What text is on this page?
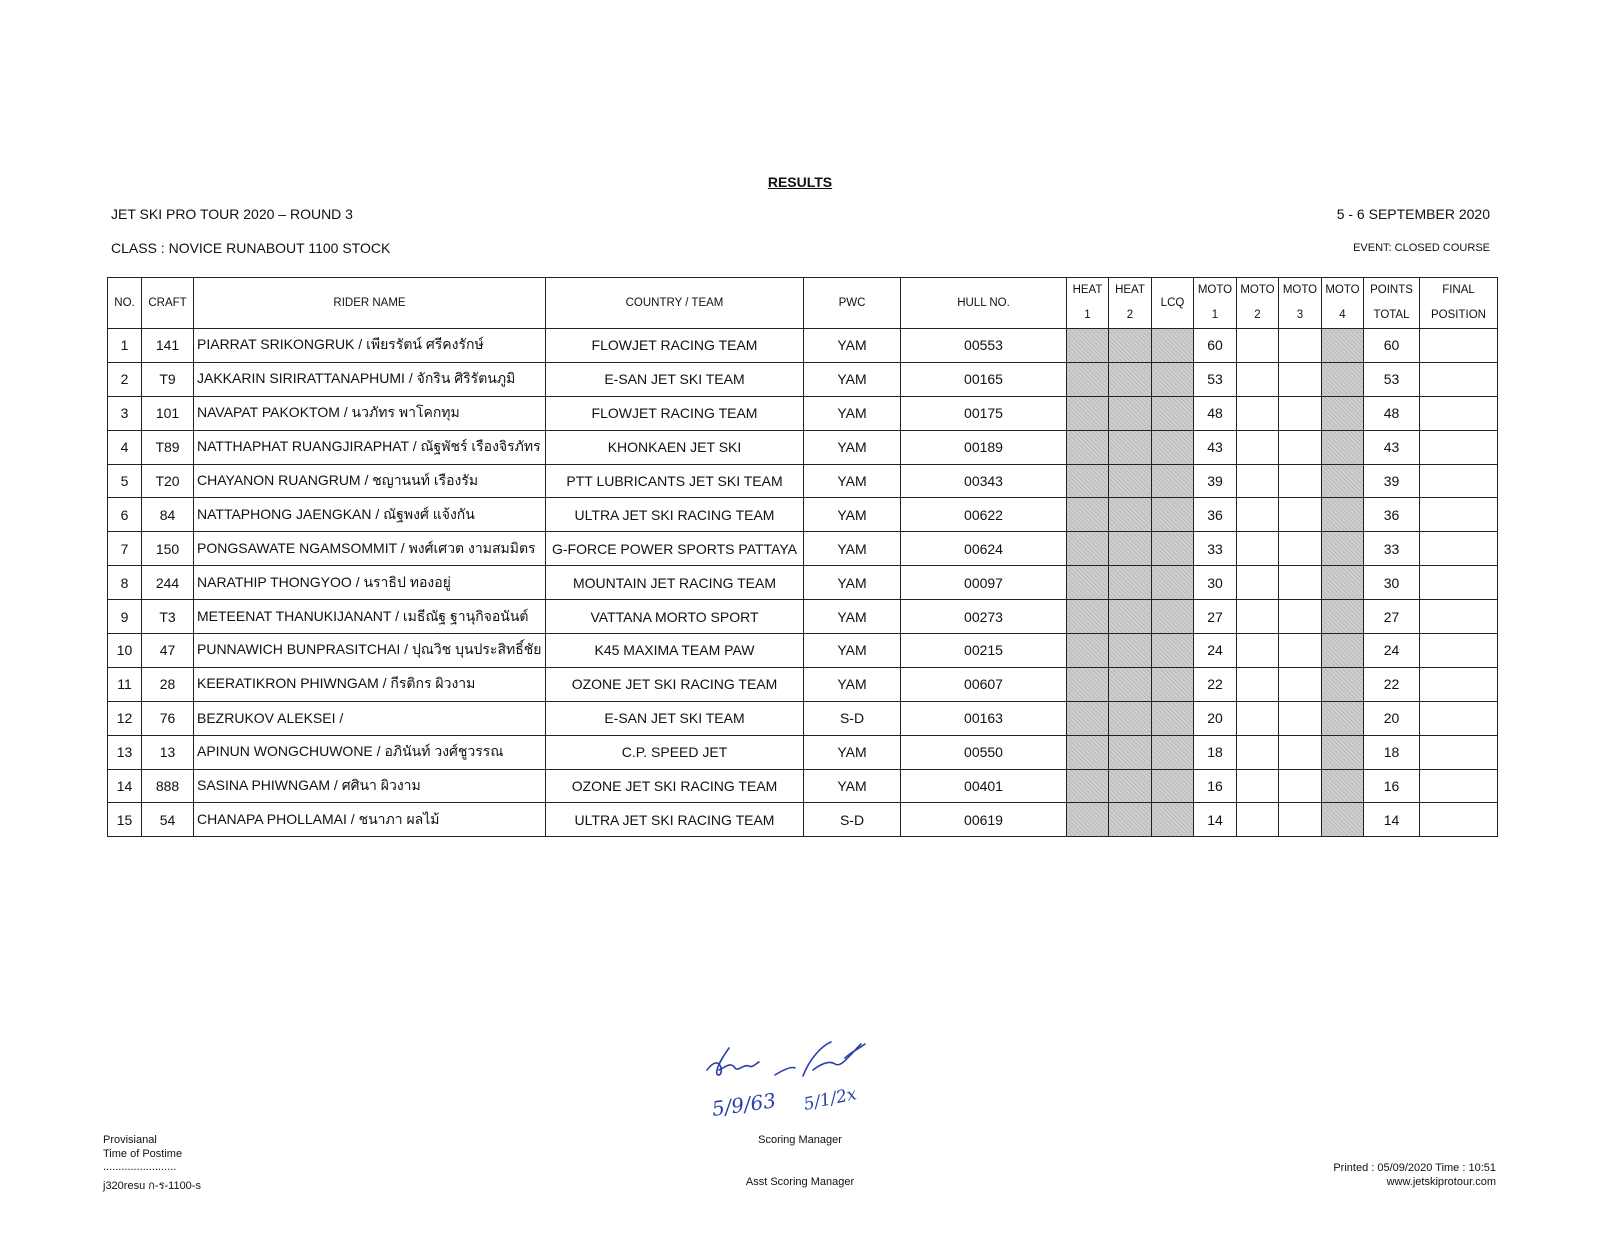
RESULTS
JET SKI PRO TOUR 2020 – ROUND 3	5 - 6 SEPTEMBER 2020
CLASS : NOVICE RUNABOUT 1100 STOCK	EVENT: CLOSED COURSE
NO.	CRAFT	RIDER NAME	COUNTRY / TEAM	PWC	HULL NO.	HEAT	HEAT	LCQ	MOTO	MOTO	MOTO	MOTO	POINTS	FINAL
						1	2		1	2	3	4	TOTAL	POSITION
1	141	PIARRAT SRIKONGRUK / เพียรรัตน์ ศรีคงรักษ์	FLOWJET RACING TEAM	YAM	00553				60				60	
2	T9	JAKKARIN SIRIRATTANAPHUMI / จักริน ศิริรัตนภูมิ	E-SAN JET SKI TEAM	YAM	00165				53				53	
3	101	NAVAPAT PAKOKTOM / นวภัทร พาโคกทุม	FLOWJET RACING TEAM	YAM	00175				48				48	
4	T89	NATTHAPHAT RUANGJIRAPHAT / ณัฐพัชร์ เรืองจิรภัทร	KHONKAEN JET SKI	YAM	00189				43				43	
5	T20	CHAYANON RUANGRUM / ชญานนท์ เรืองรัม	PTT LUBRICANTS JET SKI TEAM	YAM	00343				39				39	
6	84	NATTAPHONG JAENGKAN / ณัฐพงศ์ แจ้งกัน	ULTRA JET SKI RACING TEAM	YAM	00622				36				36	
7	150	PONGSAWATE NGAMSOMMIT / พงศ์เศวต งามสมมิตร	G-FORCE POWER SPORTS PATTAYA	YAM	00624				33				33	
8	244	NARATHIP THONGYOO / นราธิป ทองอยู่	MOUNTAIN JET RACING TEAM	YAM	00097				30				30	
9	T3	METEENAT THANUKIJANANT / เมธีณัฐ ฐานุกิจอนันต์	VATTANA MORTO SPORT	YAM	00273				27				27	
10	47	PUNNAWICH BUNPRASITCHAI / ปุณวิช บุนประสิทธิ์ชัย	K45 MAXIMA TEAM PAW	YAM	00215				24				24	
11	28	KEERATIKRON PHIWNGAM / กีรติกร ผิวงาม	OZONE JET SKI RACING TEAM	YAM	00607				22				22	
12	76	BEZRUKOV ALEKSEI /	E-SAN JET SKI TEAM	S-D	00163				20				20	
13	13	APINUN WONGCHUWONE / อภินันท์ วงศ์ชูวรรณ	C.P. SPEED JET	YAM	00550				18				18	
14	888	SASINA PHIWNGAM / ศศินา ผิวงาม	OZONE JET SKI RACING TEAM	YAM	00401				16				16	
15	54	CHANAPA PHOLLAMAI / ชนาภา ผลไม้	ULTRA JET SKI RACING TEAM	S-D	00619				14				14	
5/9/63 5/1/2x
Provisianal
Time of Postime
........................
j320resu ก-ร-1100-s
Scoring Manager
Asst Scoring Manager
Printed : 05/09/2020 Time : 10:51
www.jetskiprotour.com
